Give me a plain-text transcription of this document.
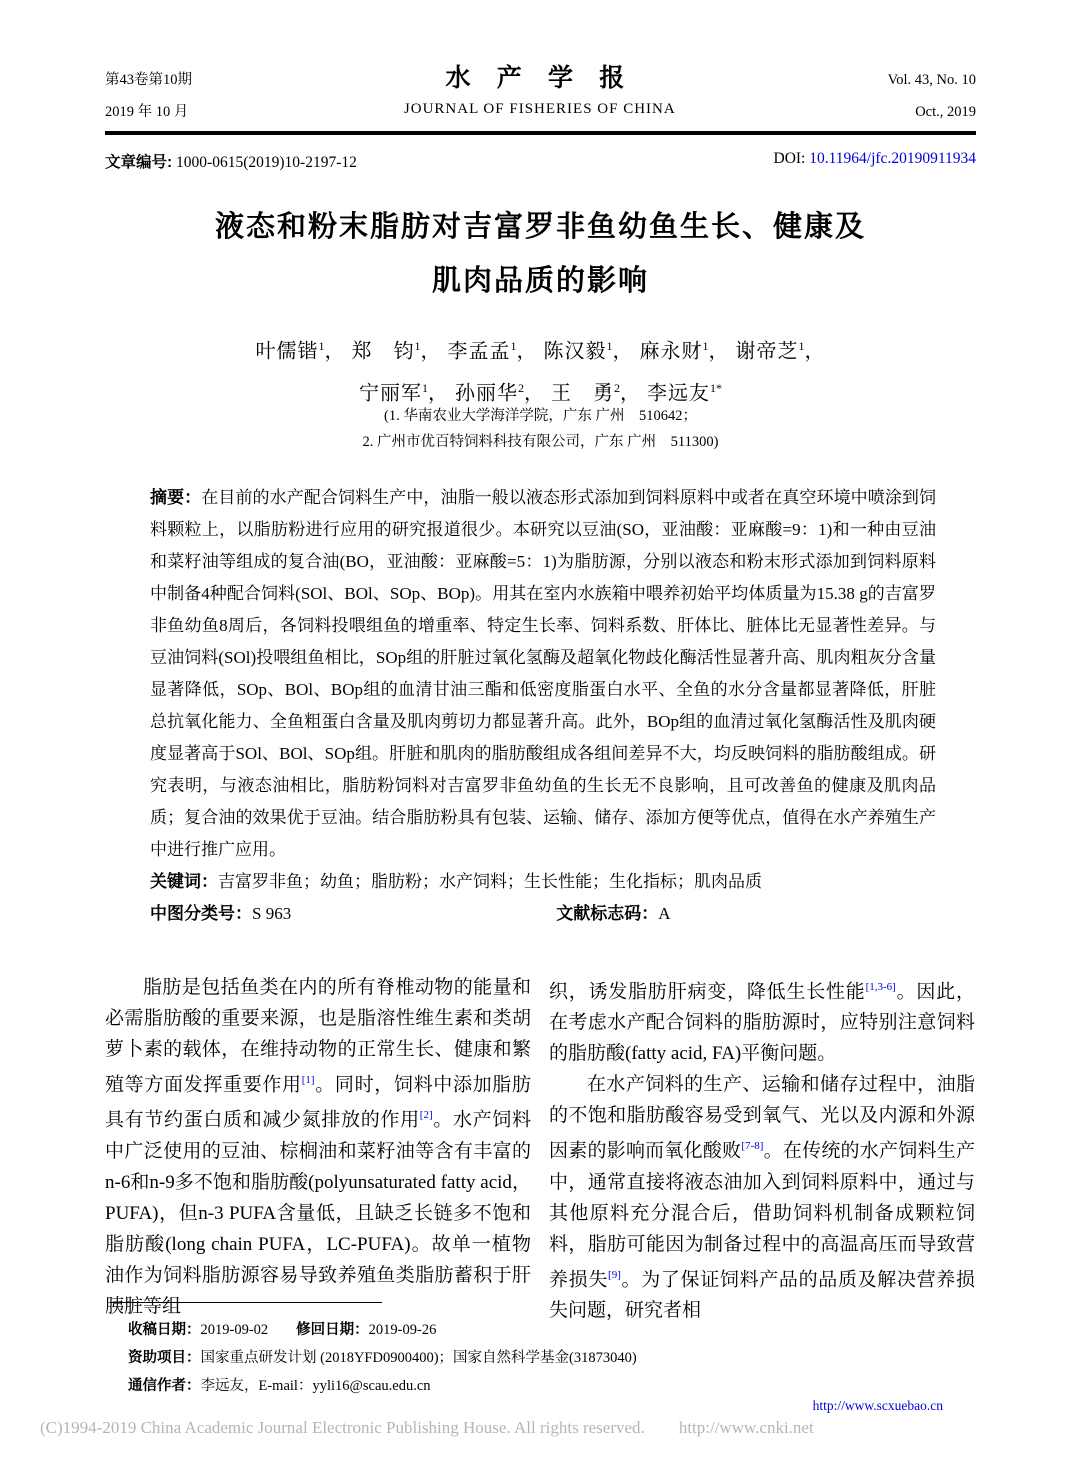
第43卷第10期
2019 年 10 月
水 产 学 报
JOURNAL OF FISHERIES OF CHINA
Vol. 43, No. 10
Oct., 2019
文章编号: 1000-0615(2019)10-2197-12	DOI: 10.11964/jfc.20190911934
液态和粉末脂肪对吉富罗非鱼幼鱼生长、健康及
肌肉品质的影响
叶儒锴$^1$， 郑　钧$^1$， 李孟孟$^1$， 陈汉毅$^1$， 麻永财$^1$， 谢帝芝$^1$，
宁丽军$^1$， 孙丽华$^2$， 王　勇$^2$， 李远友$^{1*}$
(1. 华南农业大学海洋学院，广东 广州　510642；
2. 广州市优百特饲料科技有限公司，广东 广州　511300)
摘要：在目前的水产配合饲料生产中，油脂一般以液态形式添加到饲料原料中或者在真空环境中喷涂到饲料颗粒上，以脂肪粉进行应用的研究报道很少。本研究以豆油(SO，亚油酸：亚麻酸=9：1)和一种由豆油和菜籽油等组成的复合油(BO，亚油酸：亚麻酸=5：1)为脂肪源，分别以液态和粉末形式添加到饲料原料中制备4种配合饲料(SOl、BOl、SOp、BOp)。用其在室内水族箱中喂养初始平均体质量为15.38 g的吉富罗非鱼幼鱼8周后，各饲料投喂组鱼的增重率、特定生长率、饲料系数、肝体比、脏体比无显著性差异。与豆油饲料(SOl)投喂组鱼相比，SOp组的肝脏过氧化氢酶及超氧化物歧化酶活性显著升高、肌肉粗灰分含量显著降低，SOp、BOl、BOp组的血清甘油三酯和低密度脂蛋白水平、全鱼的水分含量都显著降低，肝脏总抗氧化能力、全鱼粗蛋白含量及肌肉剪切力都显著升高。此外，BOp组的血清过氧化氢酶活性及肌肉硬度显著高于SOl、BOl、SOp组。肝脏和肌肉的脂肪酸组成各组间差异不大，均反映饲料的脂肪酸组成。研究表明，与液态油相比，脂肪粉饲料对吉富罗非鱼幼鱼的生长无不良影响，且可改善鱼的健康及肌肉品质；复合油的效果优于豆油。结合脂肪粉具有包装、运输、储存、添加方便等优点，值得在水产养殖生产中进行推广应用。
关键词：吉富罗非鱼；幼鱼；脂肪粉；水产饲料；生长性能；生化指标；肌肉品质
中图分类号：S 963	文献标志码：A

脂肪是包括鱼类在内的所有脊椎动物的能量和必需脂肪酸的重要来源，也是脂溶性维生素和类胡萝卜素的载体，在维持动物的正常生长、健康和繁殖等方面发挥重要作用[1]。同时，饲料中添加脂肪具有节约蛋白质和减少氮排放的作用[2]。水产饲料中广泛使用的豆油、棕榈油和菜籽油等含有丰富的n-6和n-9多不饱和脂肪酸(polyunsaturated fatty acid，PUFA)，但n-3 PUFA含量低，且缺乏长链多不饱和脂肪酸(long chain PUFA，LC-PUFA)。故单一植物油作为饲料脂肪源容易导致养殖鱼类脂肪蓄积于肝胰脏等组

织，诱发脂肪肝病变，降低生长性能[1,3-6]。因此，在考虑水产配合饲料的脂肪源时，应特别注意饲料的脂肪酸(fatty acid, FA)平衡问题。

在水产饲料的生产、运输和储存过程中，油脂的不饱和脂肪酸容易受到氧气、光以及内源和外源因素的影响而氧化酸败[7-8]。在传统的水产饲料生产中，通常直接将液态油加入到饲料原料中，通过与其他原料充分混合后，借助饲料机制备成颗粒饲料，脂肪可能因为制备过程中的高温高压而导致营养损失[9]。为了保证饲料产品的品质及解决营养损失问题，研究者相

收稿日期：2019-09-02 修回日期：2019-09-26
资助项目：国家重点研发计划 (2018YFD0900400)；国家自然科学基金(31873040)
通信作者：李远友，E-mail：yyli16@scau.edu.cn
http://www.scxuebao.cn
(C)1994-2019 China Academic Journal Electronic Publishing House. All rights reserved. http://www.cnki.net
